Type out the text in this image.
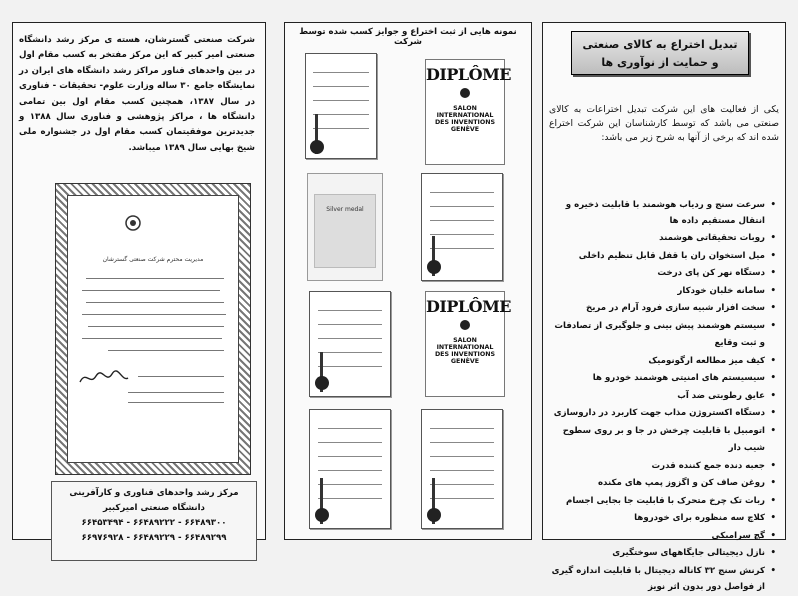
شرکت صنعتی گسترشان، هسته ی مرکز رشد دانشگاه صنعتی امیر کبیر که این مرکز مفتخر به کسب مقام اول در بین واحدهای فناور مراکز رشد دانشگاه های ایران در نمایشگاه جامع ۳۰ ساله وزارت علوم- تحقیقات - فناوری در سال ۱۳۸۷، همچنین کسب مقام اول بین تمامی دانشگاه ها ، مراکز پژوهشی و فناوری سال ۱۳۸۸ و جدیدترین موفقیتمان کسب مقام اول در جشنواره ملی شیخ بهایی سال ۱۳۸۹ میباشد.
مدیریت محترم شرکت صنعتی گسترشان
مرکز رشد واحدهای فناوری و کارآفرینی
دانشگاه صنعتی امیرکبیر
۶۶۴۸۹۳۰۰ - ۶۶۴۸۹۲۲۲ - ۶۶۴۵۳۴۹۴
۶۶۴۸۹۲۹۹ - ۶۶۴۸۹۲۲۹ - ۶۶۹۷۶۹۲۸
نمونه هایی از ثبت اختراع و جوایز کسب شده توسط شرکت
DIPLÔME
SALON
INTERNATIONAL
DES INVENTIONS
GENÈVE
Silver medal
DIPLÔME
SALON
INTERNATIONAL
DES INVENTIONS
GENÈVE
تبدیل اختراع به کالای صنعتی
و حمایت از نوآوری ها
یکی از فعالیت های این شرکت تبدیل اختراعات به کالای صنعتی می باشد که توسط کارشناسان این شرکت اختراع شده اند که برخی از آنها به شرح زیر می باشد:
• سرعت سنج و ردیاب هوشمند با قابلیت ذخیره و انتقال مستقیم داده ها
• روبات تحقیقاتی هوشمند
• میل استخوان ران با قفل قابل تنظیم داخلی
• دستگاه نهر کن پای درخت
• سامانه خلبان خودکار
• سخت افزار شبیه سازی فرود آرام در مریخ
• سیستم هوشمند پیش بینی و جلوگیری از تصادفات و ثبت وقایع
• کیف میز مطالعه ارگونومیک
• سیسیستم های امنیتی هوشمند خودرو ها
• عایق رطوبتی ضد آب
• دستگاه اکستروژن مذاب جهت کاربرد در داروسازی
• اتومبیل با قابلیت چرخش در جا و بر روی سطوح شیب دار
• جعبه دنده جمع کننده قدرت
• روغن صاف کن و اگزوز پمپ های مکنده
• ربات تک چرخ متحرک با قابلیت جا بجایی اجسام
• کلاچ سه منظوره برای خودروها
• گچ سرامیکی
• نازل دیجیتالی جایگاههای سوختگیری
• کرنش سنج ۳۲ کاناله دیجیتال با قابلیت اندازه گیری از فواصل دور بدون اثر نویز
